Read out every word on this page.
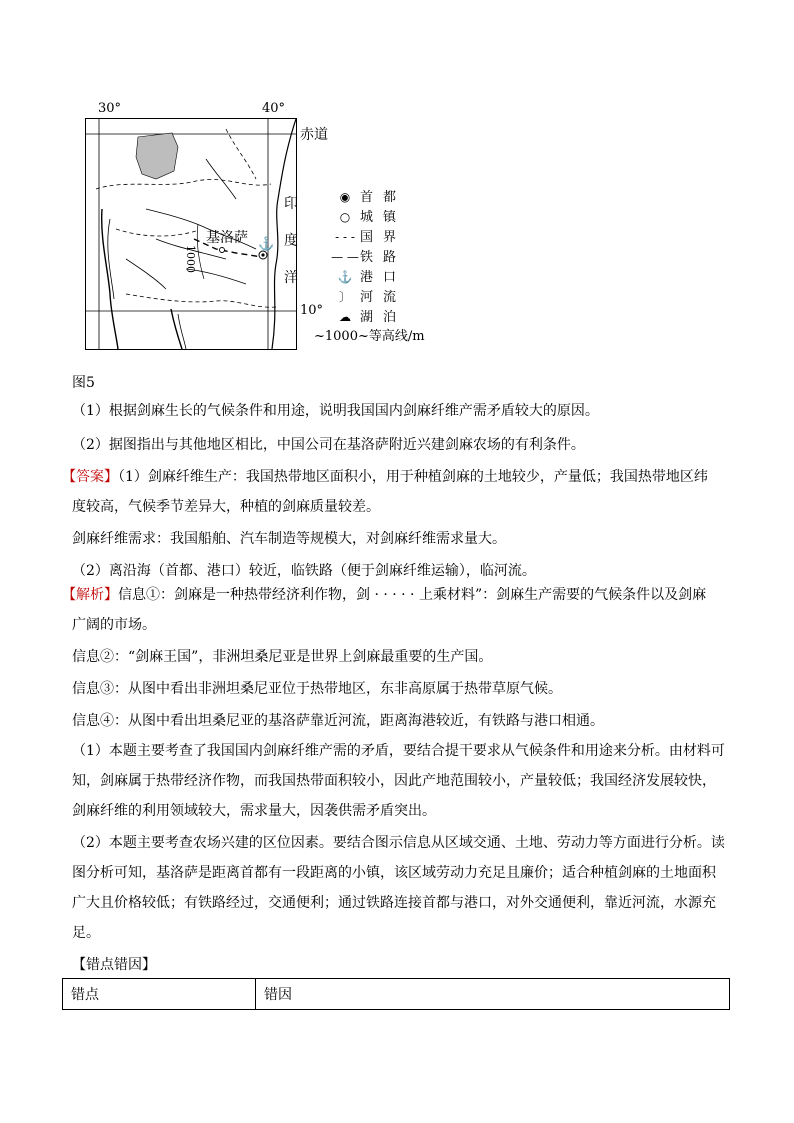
30°	40°
基洛萨 ⚓
1000
赤道
印
度
洋
10°
◉ 首都
○ 城镇
- - - 国界
— —铁路
⚓ 港口
〕 河流
☁ 湖泊
~1000~等高线/m
图5
（1）根据剑麻生长的气候条件和用途，说明我国国内剑麻纤维产需矛盾较大的原因。
（2）据图指出与其他地区相比，中国公司在基洛萨附近兴建剑麻农场的有利条件。
【答案】（1）剑麻纤维生产：我国热带地区面积小，用于种植剑麻的土地较少，产量低；我国热带地区纬
度较高，气候季节差异大，种植的剑麻质量较差。
剑麻纤维需求：我国船舶、汽车制造等规模大，对剑麻纤维需求量大。
（2）离沿海（首都、港口）较近，临铁路（便于剑麻纤维运输），临河流。
【解析】信息①：剑麻是一种热带经济利作物，剑 · · · · · 上乘材料”：剑麻生产需要的气候条件以及剑麻
广阔的市场。
信息②：“剑麻王国”，非洲坦桑尼亚是世界上剑麻最重要的生产国。
信息③：从图中看出非洲坦桑尼亚位于热带地区，东非高原属于热带草原气候。
信息④：从图中看出坦桑尼亚的基洛萨靠近河流，距离海港较近，有铁路与港口相通。
（1）本题主要考查了我国国内剑麻纤维产需的矛盾，要结合提干要求从气候条件和用途来分析。由材料可
知，剑麻属于热带经济作物，而我国热带面积较小，因此产地范围较小，产量较低；我国经济发展较快，
剑麻纤维的利用领域较大，需求量大，因袭供需矛盾突出。
（2）本题主要考查农场兴建的区位因素。要结合图示信息从区域交通、土地、劳动力等方面进行分析。读
图分析可知，基洛萨是距离首都有一段距离的小镇，该区域劳动力充足且廉价；适合种植剑麻的土地面积
广大且价格较低；有铁路经过，交通便利；通过铁路连接首都与港口，对外交通便利，靠近河流，水源充
足。
【错点错因】
错点	错因
